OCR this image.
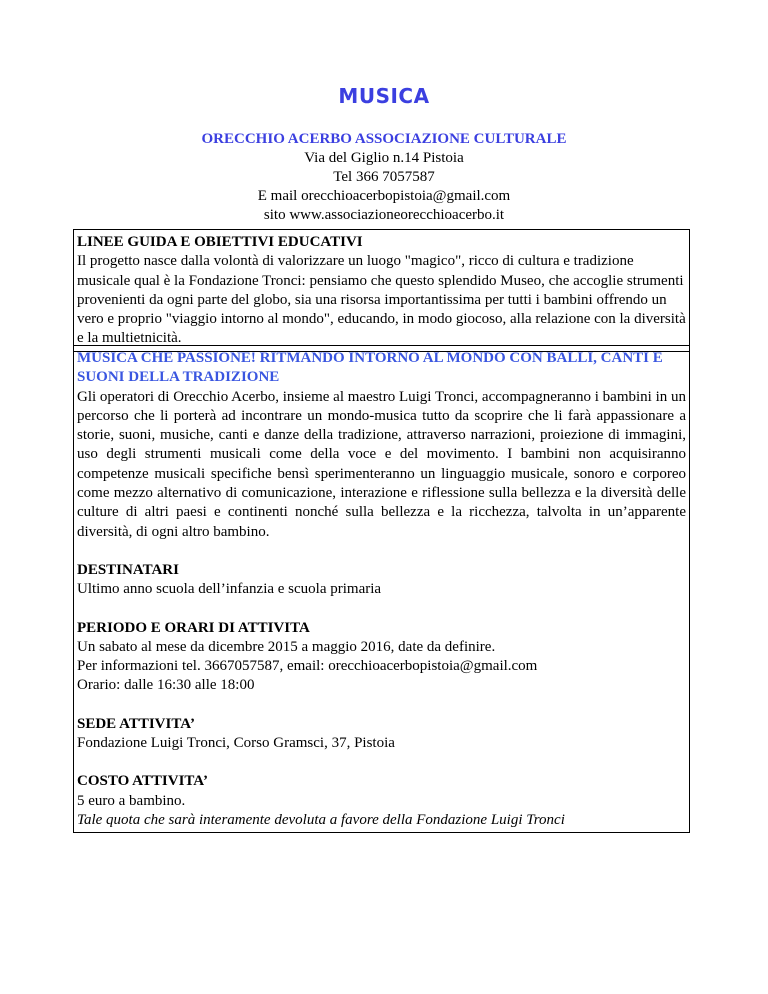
MUSICA
ORECCHIO ACERBO ASSOCIAZIONE CULTURALE
Via del Giglio n.14 Pistoia
Tel 366 7057587
E mail orecchioacerbopistoia@gmail.com
sito www.associazioneorecchioacerbo.it

LINEE GUIDA E OBIETTIVI EDUCATIVI

Il progetto nasce dalla volontà di valorizzare un luogo "magico", ricco di cultura e tradizione musicale qual è la Fondazione Tronci: pensiamo che questo splendido Museo, che accoglie strumenti provenienti da ogni parte del globo, sia una risorsa importantissima per tutti i bambini offrendo un vero e proprio "viaggio intorno al mondo", educando, in modo giocoso, alla relazione con la diversità e la multietnicità.

MUSICA CHE PASSIONE! RITMANDO INTORNO AL MONDO CON BALLI, CANTI E SUONI DELLA TRADIZIONE

Gli operatori di Orecchio Acerbo, insieme al maestro Luigi Tronci, accompagneranno i bambini in un percorso che li porterà ad incontrare un mondo-musica tutto da scoprire che li farà appassionare a storie, suoni, musiche, canti e danze della tradizione, attraverso narrazioni, proiezione di immagini, uso degli strumenti musicali come della voce e del movimento. I bambini non acquisiranno competenze musicali specifiche bensì sperimenteranno un linguaggio musicale, sonoro e corporeo come mezzo alternativo di comunicazione, interazione e riflessione sulla bellezza e la diversità delle culture di altri paesi e continenti nonché sulla bellezza e la ricchezza, talvolta in un’apparente diversità, di ogni altro bambino.

DESTINATARI

Ultimo anno scuola dell’infanzia e scuola primaria

PERIODO E ORARI DI ATTIVITA

Un sabato al mese da dicembre 2015 a maggio 2016, date da definire.

Per informazioni tel. 3667057587, email: orecchioacerbopistoia@gmail.com

Orario: dalle 16:30 alle 18:00

SEDE ATTIVITA’

Fondazione Luigi Tronci, Corso Gramsci, 37, Pistoia

COSTO ATTIVITA’

5 euro a bambino.

Tale quota che sarà interamente devoluta a favore della Fondazione Luigi Tronci
